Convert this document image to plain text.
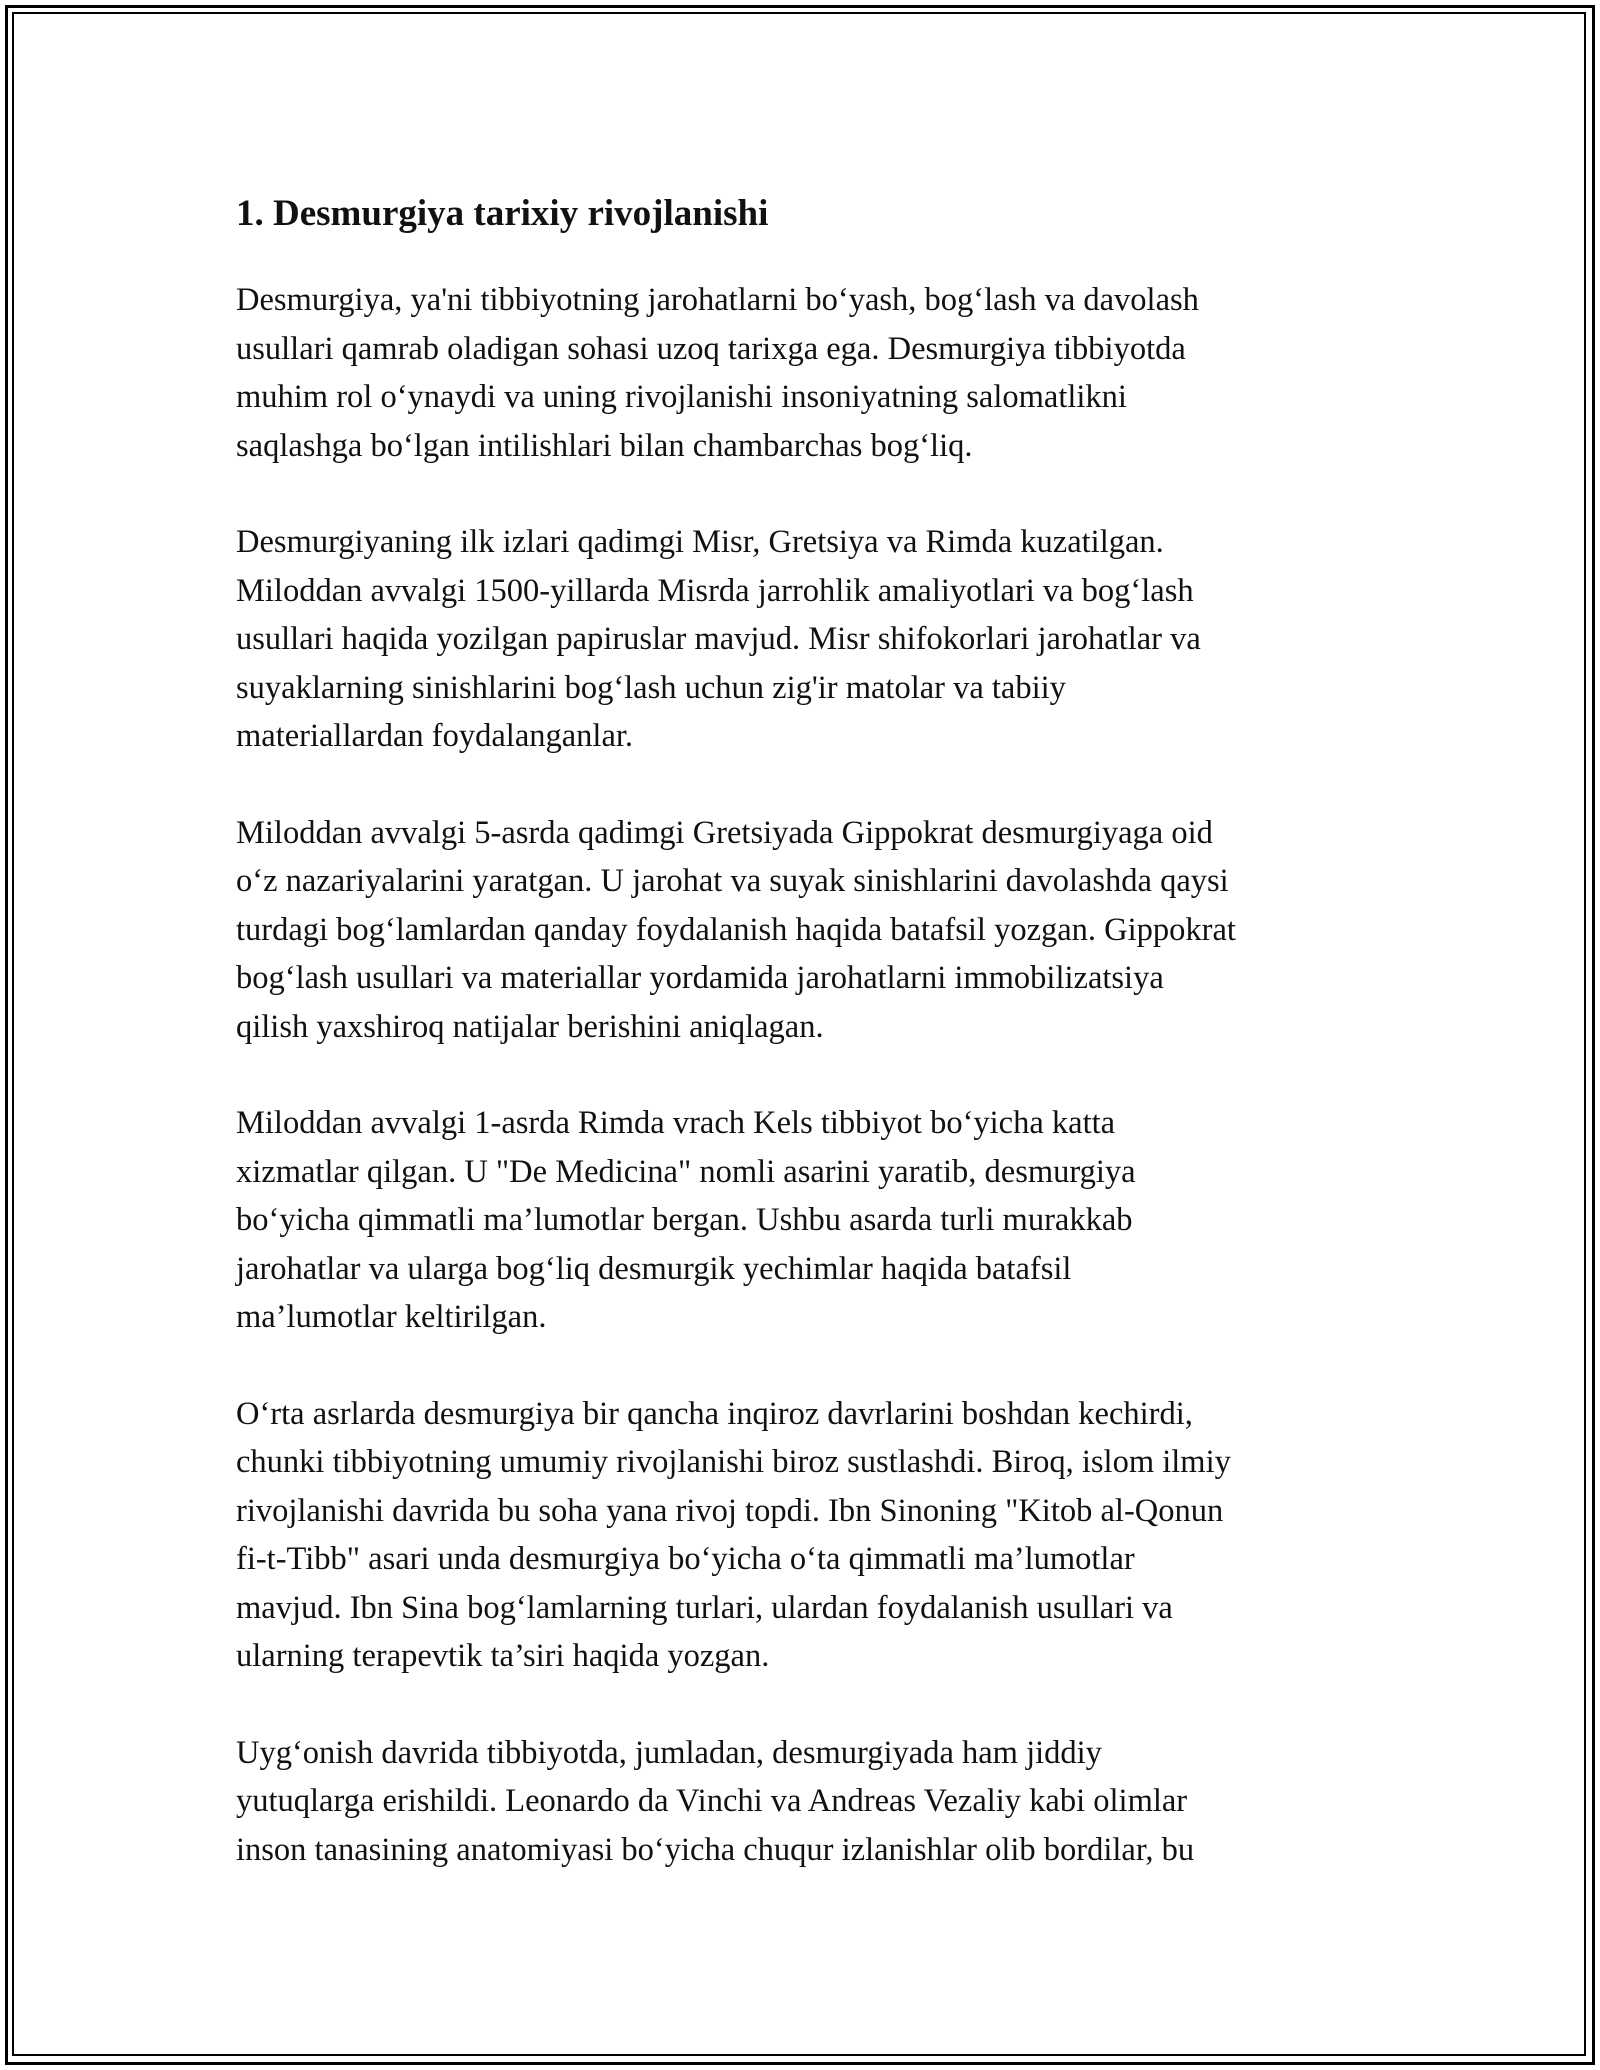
1. Desmurgiya tarixiy rivojlanishi

Desmurgiya, ya'ni tibbiyotning jarohatlarni bo‘yash, bog‘lash va davolash
usullari qamrab oladigan sohasi uzoq tarixga ega. Desmurgiya tibbiyotda
muhim rol o‘ynaydi va uning rivojlanishi insoniyatning salomatlikni
saqlashga bo‘lgan intilishlari bilan chambarchas bog‘liq.

Desmurgiyaning ilk izlari qadimgi Misr, Gretsiya va Rimda kuzatilgan.
Miloddan avvalgi 1500-yillarda Misrda jarrohlik amaliyotlari va bog‘lash
usullari haqida yozilgan papiruslar mavjud. Misr shifokorlari jarohatlar va
suyaklarning sinishlarini bog‘lash uchun zig'ir matolar va tabiiy
materiallardan foydalanganlar.

Miloddan avvalgi 5-asrda qadimgi Gretsiyada Gippokrat desmurgiyaga oid
o‘z nazariyalarini yaratgan. U jarohat va suyak sinishlarini davolashda qaysi
turdagi bog‘lamlardan qanday foydalanish haqida batafsil yozgan. Gippokrat
bog‘lash usullari va materiallar yordamida jarohatlarni immobilizatsiya
qilish yaxshiroq natijalar berishini aniqlagan.

Miloddan avvalgi 1-asrda Rimda vrach Kels tibbiyot bo‘yicha katta
xizmatlar qilgan. U "De Medicina" nomli asarini yaratib, desmurgiya
bo‘yicha qimmatli ma’lumotlar bergan. Ushbu asarda turli murakkab
jarohatlar va ularga bog‘liq desmurgik yechimlar haqida batafsil
ma’lumotlar keltirilgan.

O‘rta asrlarda desmurgiya bir qancha inqiroz davrlarini boshdan kechirdi,
chunki tibbiyotning umumiy rivojlanishi biroz sustlashdi. Biroq, islom ilmiy
rivojlanishi davrida bu soha yana rivoj topdi. Ibn Sinoning "Kitob al-Qonun
fi-t-Tibb" asari unda desmurgiya bo‘yicha o‘ta qimmatli ma’lumotlar
mavjud. Ibn Sina bog‘lamlarning turlari, ulardan foydalanish usullari va
ularning terapevtik ta’siri haqida yozgan.

Uyg‘onish davrida tibbiyotda, jumladan, desmurgiyada ham jiddiy
yutuqlarga erishildi. Leonardo da Vinchi va Andreas Vezaliy kabi olimlar
inson tanasining anatomiyasi bo‘yicha chuqur izlanishlar olib bordilar, bu
